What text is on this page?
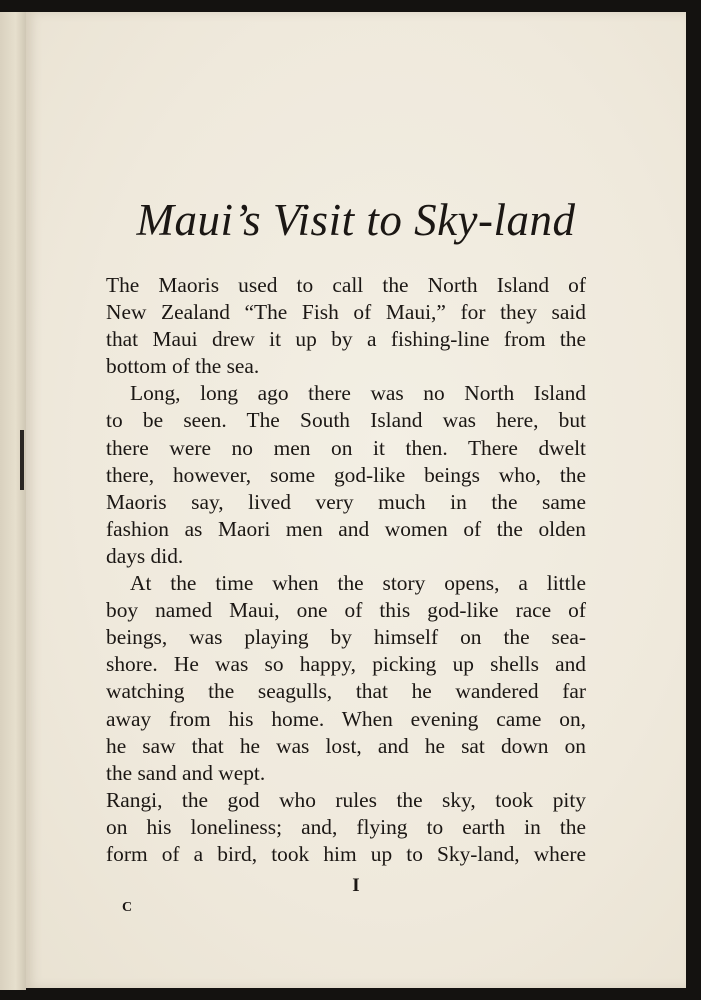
Maui’s Visit to Sky-land
The Maoris used to call the North Island of
New Zealand “The Fish of Maui,” for they said
that Maui drew it up by a fishing-line from the
bottom of the sea.
Long, long ago there was no North Island
to be seen. The South Island was here, but
there were no men on it then. There dwelt
there, however, some god-like beings who, the
Maoris say, lived very much in the same
fashion as Maori men and women of the olden
days did.
At the time when the story opens, a little
boy named Maui, one of this god-like race of
beings, was playing by himself on the sea-
shore. He was so happy, picking up shells and
watching the seagulls, that he wandered far
away from his home. When evening came on,
he saw that he was lost, and he sat down on
the sand and wept.
Rangi, the god who rules the sky, took pity
on his loneliness; and, flying to earth in the
form of a bird, took him up to Sky-land, where
I
C
